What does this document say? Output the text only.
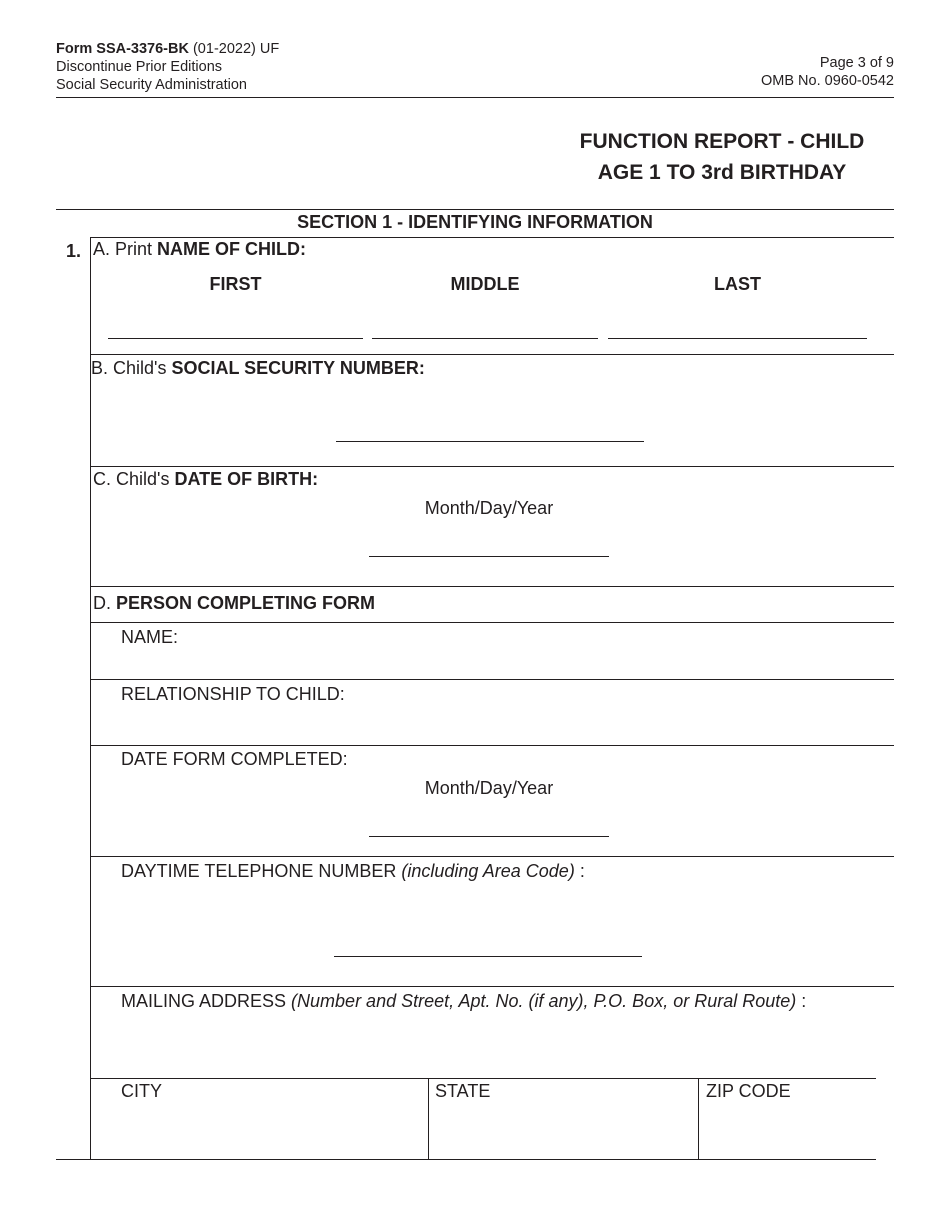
Form SSA-3376-BK (01-2022) UF
Discontinue Prior Editions
Social Security Administration
Page 3 of 9
OMB No. 0960-0542
FUNCTION REPORT - CHILD
AGE 1 TO 3rd BIRTHDAY
SECTION 1 - IDENTIFYING INFORMATION
1. A. Print NAME OF CHILD:
FIRST	MIDDLE	LAST
B. Child's SOCIAL SECURITY NUMBER:
C. Child's DATE OF BIRTH:
Month/Day/Year
D. PERSON COMPLETING FORM
NAME:
RELATIONSHIP TO CHILD:
DATE FORM COMPLETED:
Month/Day/Year
DAYTIME TELEPHONE NUMBER (including Area Code) :
MAILING ADDRESS (Number and Street, Apt. No. (if any), P.O. Box, or Rural Route) :
CITY	STATE	ZIP CODE
